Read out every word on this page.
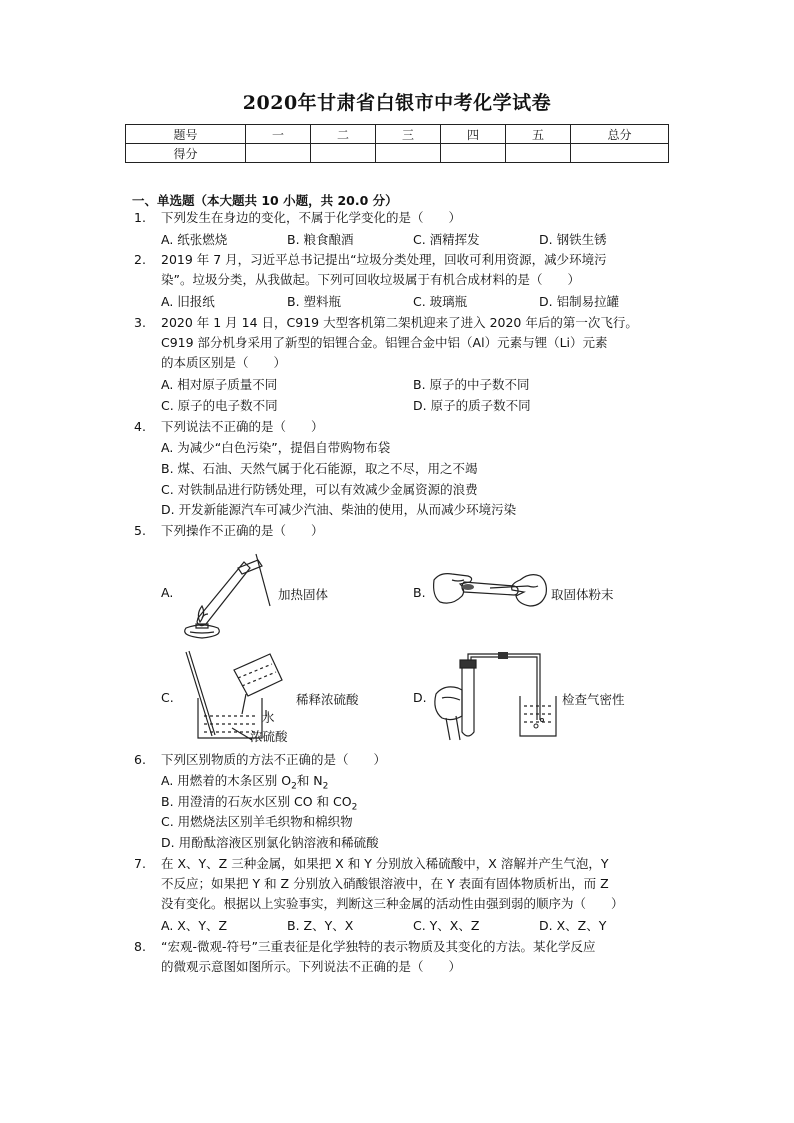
2020年甘肃省白银市中考化学试卷
题号	一	二	三	四	五	总分
得分						
一、单选题（本大题共 10 小题，共 20.0 分）
1.	下列发生在身边的变化，不属于化学变化的是（　　）
A. 纸张燃烧	B. 粮食酿酒	C. 酒精挥发	D. 钢铁生锈
2.	2019 年 7 月，习近平总书记提出“垃圾分类处理，回收可利用资源，减少环境污
染”。垃圾分类，从我做起。下列可回收垃圾属于有机合成材料的是（　　）
A. 旧报纸	B. 塑料瓶	C. 玻璃瓶	D. 铝制易拉罐
3.	2020 年 1 月 14 日，C919 大型客机第二架机迎来了进入 2020 年后的第一次飞行。
C919 部分机身采用了新型的铝锂合金。铝锂合金中铝（Al）元素与锂（Li）元素
的本质区别是（　　）
A. 相对原子质量不同	B. 原子的中子数不同
C. 原子的电子数不同	D. 原子的质子数不同
4.	下列说法不正确的是（　　）
A. 为减少“白色污染”，提倡自带购物布袋
B. 煤、石油、天然气属于化石能源，取之不尽，用之不竭
C. 对铁制品进行防锈处理，可以有效减少金属资源的浪费
D. 开发新能源汽车可减少汽油、柴油的使用，从而减少环境污染
5.	下列操作不正确的是（　　）
A.	加热固体	B.	取固体粉末
C.	稀释浓硫酸
水
浓硫酸
D.	检查气密性
6.	下列区别物质的方法不正确的是（　　）
A. 用燃着的木条区别 $O_2$和 $N_2$
B. 用澄清的石灰水区别 CO 和 $CO_2$
C. 用燃烧法区别羊毛织物和棉织物
D. 用酚酞溶液区别氯化钠溶液和稀硫酸
7.	在 X、Y、Z 三种金属，如果把 X 和 Y 分别放入稀硫酸中，X 溶解并产生气泡，Y
不反应；如果把 Y 和 Z 分别放入硝酸银溶液中，在 Y 表面有固体物质析出，而 Z
没有变化。根据以上实验事实，判断这三种金属的活动性由强到弱的顺序为（　　）
A. X、Y、Z	B. Z、Y、X	C. Y、X、Z	D. X、Z、Y
8.	“宏观-微观-符号”三重表征是化学独特的表示物质及其变化的方法。某化学反应
的微观示意图如图所示。下列说法不正确的是（　　）
